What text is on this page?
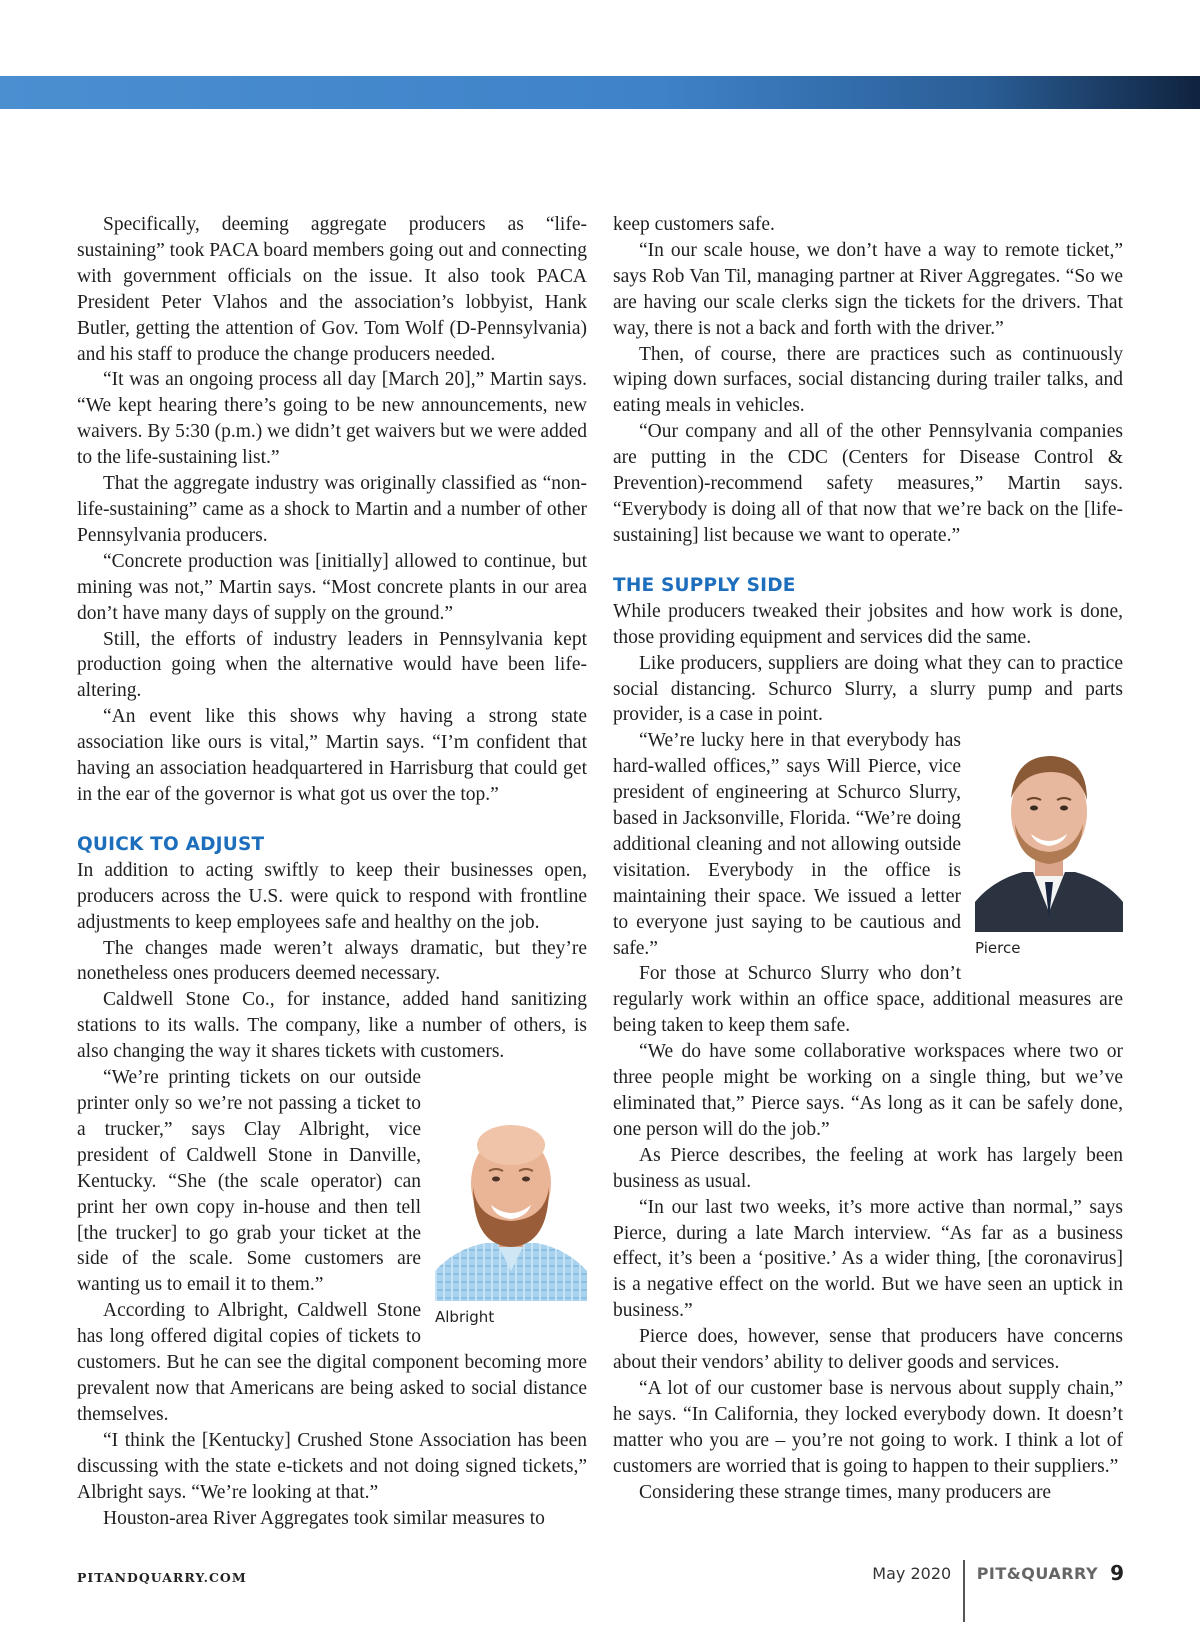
Specifically, deeming aggregate producers as “life-sustaining” took PACA board members going out and connecting with government officials on the issue. It also took PACA President Peter Vlahos and the association’s lobbyist, Hank Butler, getting the attention of Gov. Tom Wolf (D-Pennsylvania) and his staff to produce the change producers needed.

“It was an ongoing process all day [March 20],” Martin says. “We kept hearing there’s going to be new announcements, new waivers. By 5:30 (p.m.) we didn’t get waivers but we were added to the life-sustaining list.”

That the aggregate industry was originally classified as “non-life-sustaining” came as a shock to Martin and a number of other Pennsylvania producers.

“Concrete production was [initially] allowed to continue, but mining was not,” Martin says. “Most concrete plants in our area don’t have many days of supply on the ground.”

Still, the efforts of industry leaders in Pennsylvania kept production going when the alternative would have been life-altering.

“An event like this shows why having a strong state association like ours is vital,” Martin says. “I’m confident that having an association headquartered in Harrisburg that could get in the ear of the governor is what got us over the top.”

QUICK TO ADJUST

In addition to acting swiftly to keep their businesses open, producers across the U.S. were quick to respond with frontline adjustments to keep employees safe and healthy on the job.

The changes made weren’t always dramatic, but they’re nonetheless ones producers deemed necessary.

Caldwell Stone Co., for instance, added hand sanitizing stations to its walls. The company, like a number of others, is also changing the way it shares tickets with customers.

Albright

“We’re printing tickets on our outside printer only so we’re not passing a ticket to a trucker,” says Clay Albright, vice president of Caldwell Stone in Danville, Kentucky. “She (the scale operator) can print her own copy in-house and then tell [the trucker] to go grab your ticket at the side of the scale. Some customers are wanting us to email it to them.”

According to Albright, Caldwell Stone has long offered digital copies of tickets to customers. But he can see the digital component becoming more prevalent now that Americans are being asked to social distance themselves.

“I think the [Kentucky] Crushed Stone Association has been discussing with the state e-tickets and not doing signed tickets,” Albright says. “We’re looking at that.”

Houston-area River Aggregates took similar measures to

keep customers safe.

“In our scale house, we don’t have a way to remote ticket,” says Rob Van Til, managing partner at River Aggregates. “So we are having our scale clerks sign the tickets for the drivers. That way, there is not a back and forth with the driver.”

Then, of course, there are practices such as continuously wiping down surfaces, social distancing during trailer talks, and eating meals in vehicles.

“Our company and all of the other Pennsylvania companies are putting in the CDC (Centers for Disease Control & Prevention)-recommend safety measures,” Martin says. “Everybody is doing all of that now that we’re back on the [life-sustaining] list because we want to operate.”

THE SUPPLY SIDE

While producers tweaked their jobsites and how work is done, those providing equipment and services did the same.

Like producers, suppliers are doing what they can to practice social distancing. Schurco Slurry, a slurry pump and parts provider, is a case in point.

Pierce

“We’re lucky here in that everybody has hard-walled offices,” says Will Pierce, vice president of engineering at Schurco Slurry, based in Jacksonville, Florida. “We’re doing additional cleaning and not allowing outside visitation. Everybody in the office is maintaining their space. We issued a letter to everyone just saying to be cautious and safe.”

For those at Schurco Slurry who don’t regularly work within an office space, additional measures are being taken to keep them safe.

“We do have some collaborative workspaces where two or three people might be working on a single thing, but we’ve eliminated that,” Pierce says. “As long as it can be safely done, one person will do the job.”

As Pierce describes, the feeling at work has largely been business as usual.

“In our last two weeks, it’s more active than normal,” says Pierce, during a late March interview. “As far as a business effect, it’s been a ‘positive.’ As a wider thing, [the coronavirus] is a negative effect on the world. But we have seen an uptick in business.”

Pierce does, however, sense that producers have concerns about their vendors’ ability to deliver goods and services.

“A lot of our customer base is nervous about supply chain,” he says. “In California, they locked everybody down. It doesn’t matter who you are – you’re not going to work. I think a lot of customers are worried that is going to happen to their suppliers.”

Considering these strange times, many producers are

PITANDQUARRY.COM	May 2020 PIT&QUARRY 9
